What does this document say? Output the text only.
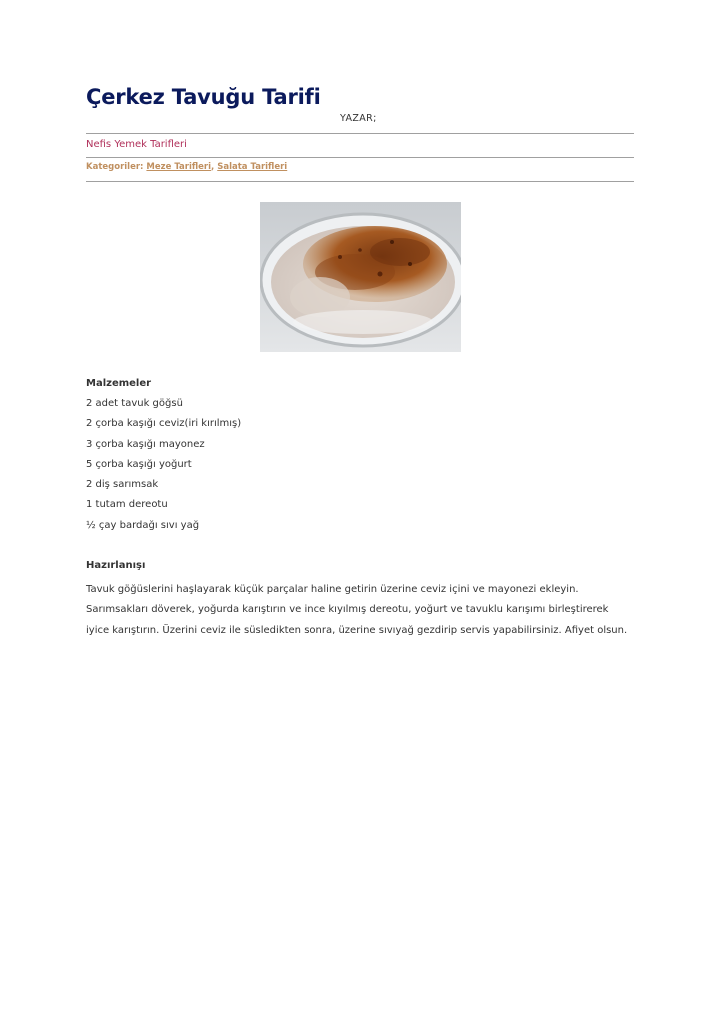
Çerkez Tavuğu Tarifi
YAZAR;
Nefis Yemek Tarifleri
Kategoriler: Meze Tarifleri, Salata Tarifleri
Malzemeler
2 adet tavuk göğsü
2 çorba kaşığı ceviz(iri kırılmış)
3 çorba kaşığı mayonez
5 çorba kaşığı yoğurt
2 diş sarımsak
1 tutam dereotu
½ çay bardağı sıvı yağ
Hazırlanışı

Tavuk göğüslerini haşlayarak küçük parçalar haline getirin üzerine ceviz içini ve mayonezi ekleyin. Sarımsakları döverek, yoğurda karıştırın ve ince kıyılmış dereotu, yoğurt ve tavuklu karışımı birleştirerek iyice karıştırın. Üzerini ceviz ile süsledikten sonra, üzerine sıvıyağ gezdirip servis yapabilirsiniz. Afiyet olsun.
